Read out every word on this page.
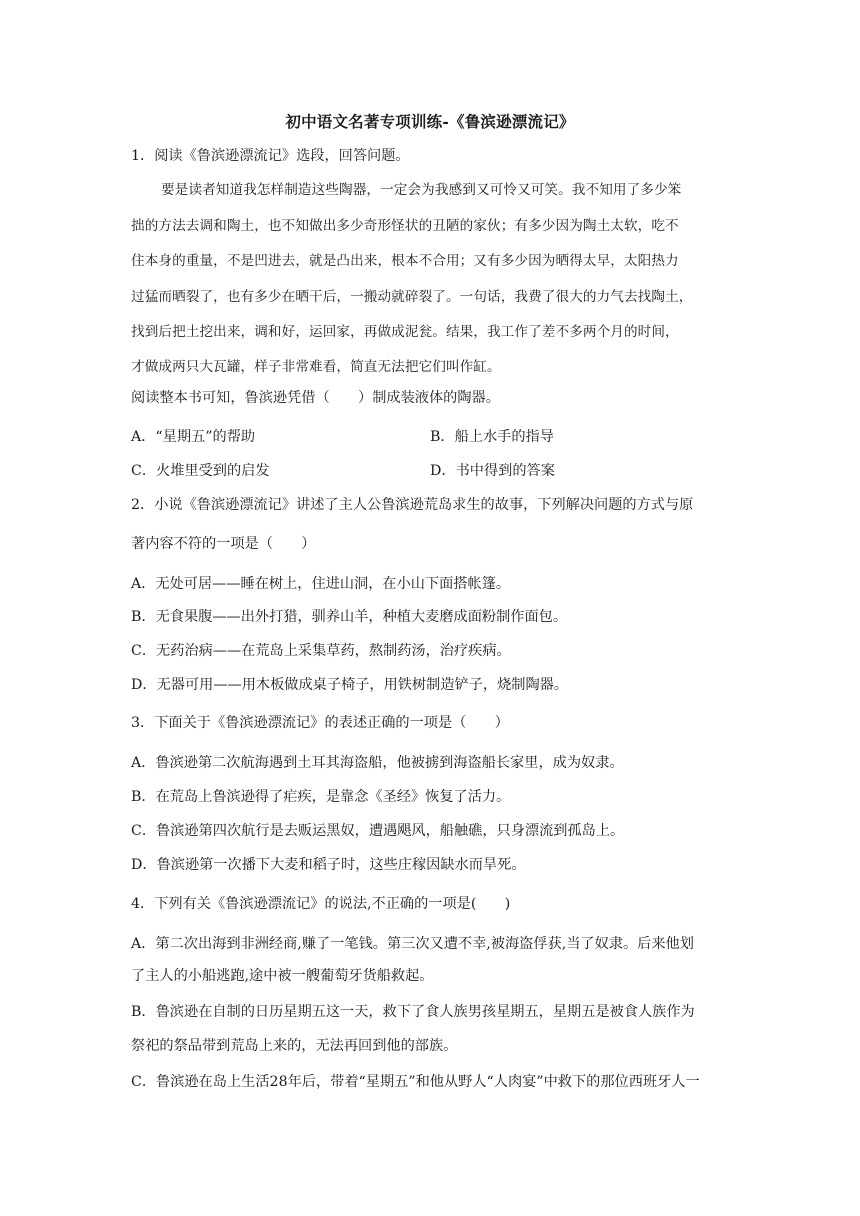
初中语文名著专项训练-《鲁滨逊漂流记》
1．阅读《鲁滨逊漂流记》选段，回答问题。
要是读者知道我怎样制造这些陶器，一定会为我感到又可怜又可笑。我不知用了多少笨
拙的方法去调和陶土，也不知做出多少奇形怪状的丑陋的家伙；有多少因为陶土太软，吃不
住本身的重量，不是凹进去，就是凸出来，根本不合用；又有多少因为晒得太早，太阳热力
过猛而晒裂了，也有多少在晒干后，一搬动就碎裂了。一句话，我费了很大的力气去找陶土，
找到后把土挖出来，调和好，运回家，再做成泥瓮。结果，我工作了差不多两个月的时间，
才做成两只大瓦罐，样子非常难看，简直无法把它们叫作缸。
阅读整本书可知，鲁滨逊凭借（　　）制成装液体的陶器。
A．“星期五”的帮助	B．船上水手的指导
C．火堆里受到的启发	D．书中得到的答案
2．小说《鲁滨逊漂流记》讲述了主人公鲁滨逊荒岛求生的故事，下列解决问题的方式与原
著内容不符的一项是（　　）
A．无处可居——睡在树上，住进山洞，在小山下面搭帐篷。
B．无食果腹——出外打猎，驯养山羊，种植大麦磨成面粉制作面包。
C．无药治病——在荒岛上采集草药，熬制药汤，治疗疾病。
D．无器可用——用木板做成桌子椅子，用铁树制造铲子，烧制陶器。
3．下面关于《鲁滨逊漂流记》的表述正确的一项是（　　）
A．鲁滨逊第二次航海遇到土耳其海盗船，他被掳到海盗船长家里，成为奴隶。
B．在荒岛上鲁滨逊得了疟疾，是靠念《圣经》恢复了活力。
C．鲁滨逊第四次航行是去贩运黑奴，遭遇飓风，船触礁，只身漂流到孤岛上。
D．鲁滨逊第一次播下大麦和稻子时，这些庄稼因缺水而旱死。
4．下列有关《鲁滨逊漂流记》的说法,不正确的一项是(　　)
A．第二次出海到非洲经商,赚了一笔钱。第三次又遭不幸,被海盗俘获,当了奴隶。后来他划
了主人的小船逃跑,途中被一艘葡萄牙货船救起。
B．鲁滨逊在自制的日历星期五这一天，救下了食人族男孩星期五，星期五是被食人族作为
祭祀的祭品带到荒岛上来的，无法再回到他的部族。
C．鲁滨逊在岛上生活28年后，带着“星期五”和他从野人“人肉宴”中救下的那位西班牙人一
